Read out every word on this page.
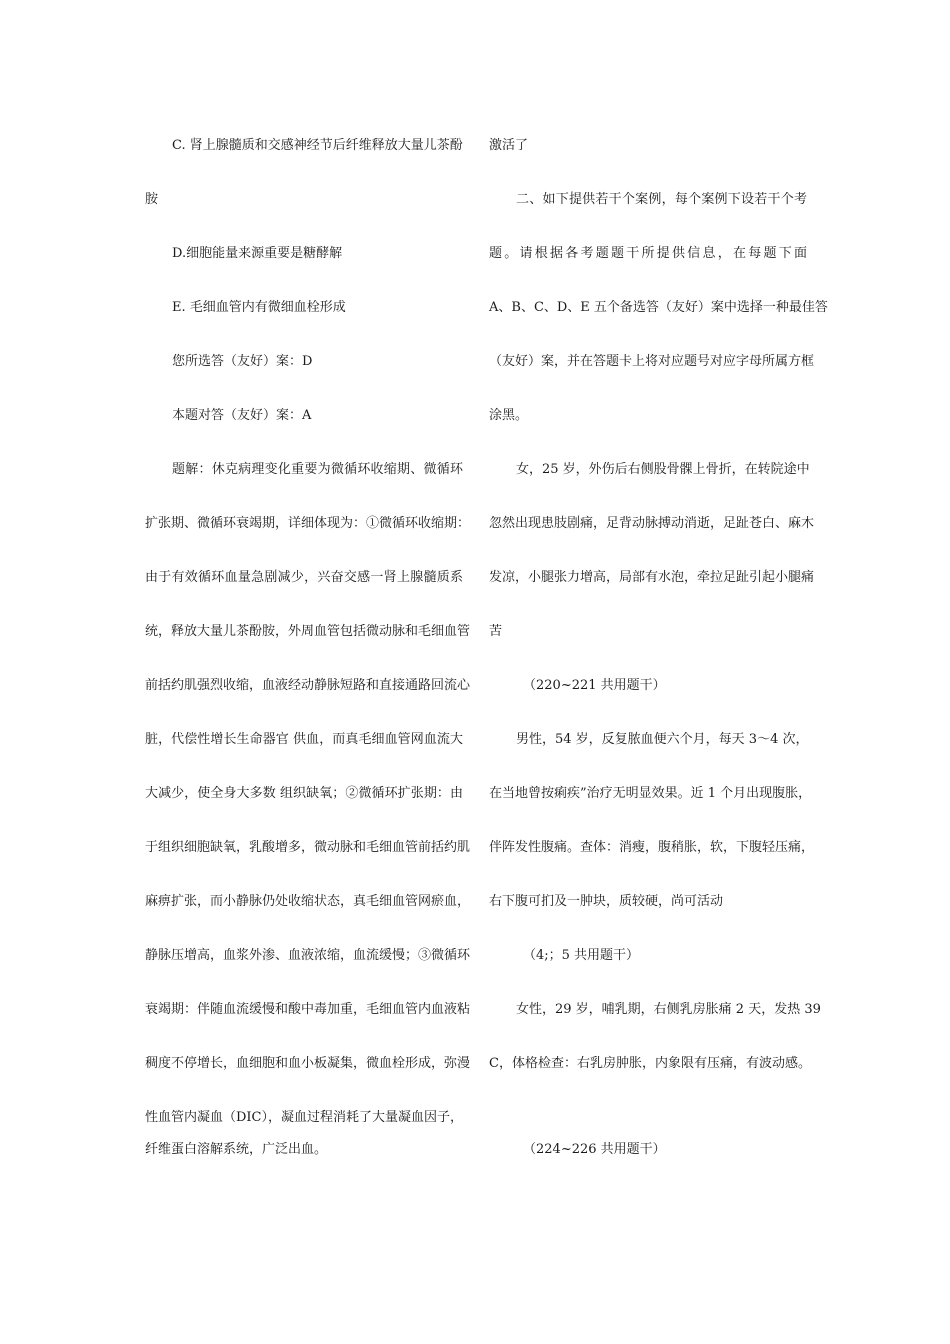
C. 肾上腺髓质和交感神经节后纤维释放大量儿茶酚
胺
D.细胞能量来源重要是糖酵解
E. 毛细血管内有微细血栓形成
您所选答（友好）案：D
本题对答（友好）案：A
题解：休克病理变化重要为微循环收缩期、微循环
扩张期、微循环衰竭期，详细体现为：①微循环收缩期：
由于有效循环血量急剧减少，兴奋交感一肾上腺髓质系
统，释放大量儿茶酚胺，外周血管包括微动脉和毛细血管
前括约肌强烈收缩，血液经动静脉短路和直接通路回流心
脏，代偿性增长生命器官 供血，而真毛细血管网血流大
大减少，使全身大多数 组织缺氧；②微循环扩张期：由
于组织细胞缺氧，乳酸增多，微动脉和毛细血管前括约肌
麻痹扩张，而小静脉仍处收缩状态，真毛细血管网瘀血，
静脉压增高，血浆外渗、血液浓缩，血流缓慢；③微循环
衰竭期：伴随血流缓慢和酸中毒加重，毛细血管内血液粘
稠度不停增长，血细胞和血小板凝集，微血栓形成，弥漫
性血管内凝血（DIC），凝血过程消耗了大量凝血因子，
纤维蛋白溶解系统，广泛出血。
激活了
二、如下提供若干个案例，每个案例下设若干个考
题。请根据各考题题干所提供信息，在每题下面
A、B、C、D、E 五个备选答（友好）案中选择一种最佳答
（友好）案，并在答题卡上将对应题号对应字母所属方框
涂黑。
女，25 岁，外伤后右侧股骨髁上骨折，在转院途中
忽然出现患肢剧痛，足背动脉搏动消逝，足趾苍白、麻木
发凉，小腿张力增高，局部有水泡，牵拉足趾引起小腿痛
苦
（220~221 共用题干）
男性，54 岁，反复脓血便六个月，每天 3～4 次，
在当地曾按痢疾”治疗无明显效果。近 1 个月出现腹胀，
伴阵发性腹痛。查体：消瘦，腹稍胀，软，下腹轻压痛，
右下腹可扪及一肿块，质较硬，尚可活动
（4;；5 共用题干）
女性，29 岁，哺乳期，右侧乳房胀痛 2 天，发热 39
C，体格检查：右乳房肿胀，内象限有压痛，有波动感。
（224~226 共用题干）
